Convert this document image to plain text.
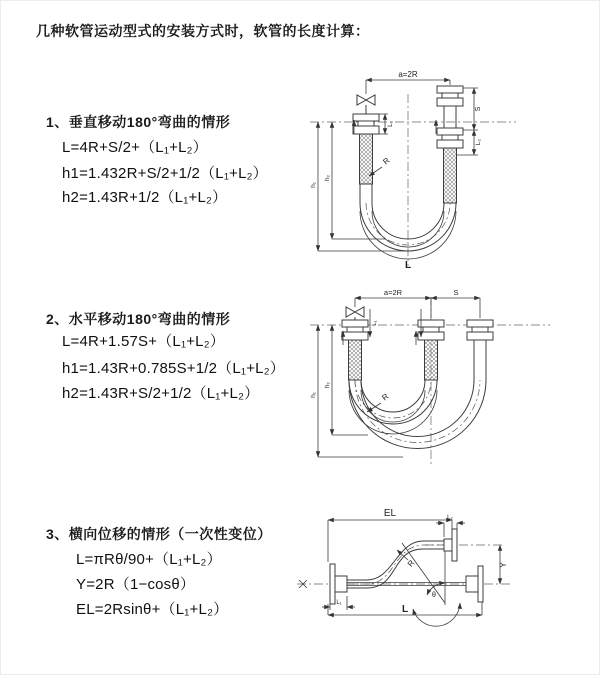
几种软管运动型式的安装方式时，软管的长度计算：
1、垂直移动180°弯曲的情形
L=4R+S/2+（L₁+L₂）
h1=1.432R+S/2+1/2（L₁+L₂）
h2=1.43R+1/2（L₁+L₂）
2、水平移动180°弯曲的情形
L=4R+1.57S+（L₁+L₂）
h1=1.43R+0.785S+1/2（L₁+L₂）
h2=1.43R+S/2+1/2（L₁+L₂）
3、横向位移的情形（一次性变位）
L=πRθ/90+（L₁+L₂）
Y=2R（1−cosθ）
EL=2Rsinθ+（L₁+L₂）
a=2R
L₁
S
L₂
h₁
h₂
R
L
a=2R	S
L₁
h₁
h₂
R
θ
EL	L₂
Y
L₁
L
R
